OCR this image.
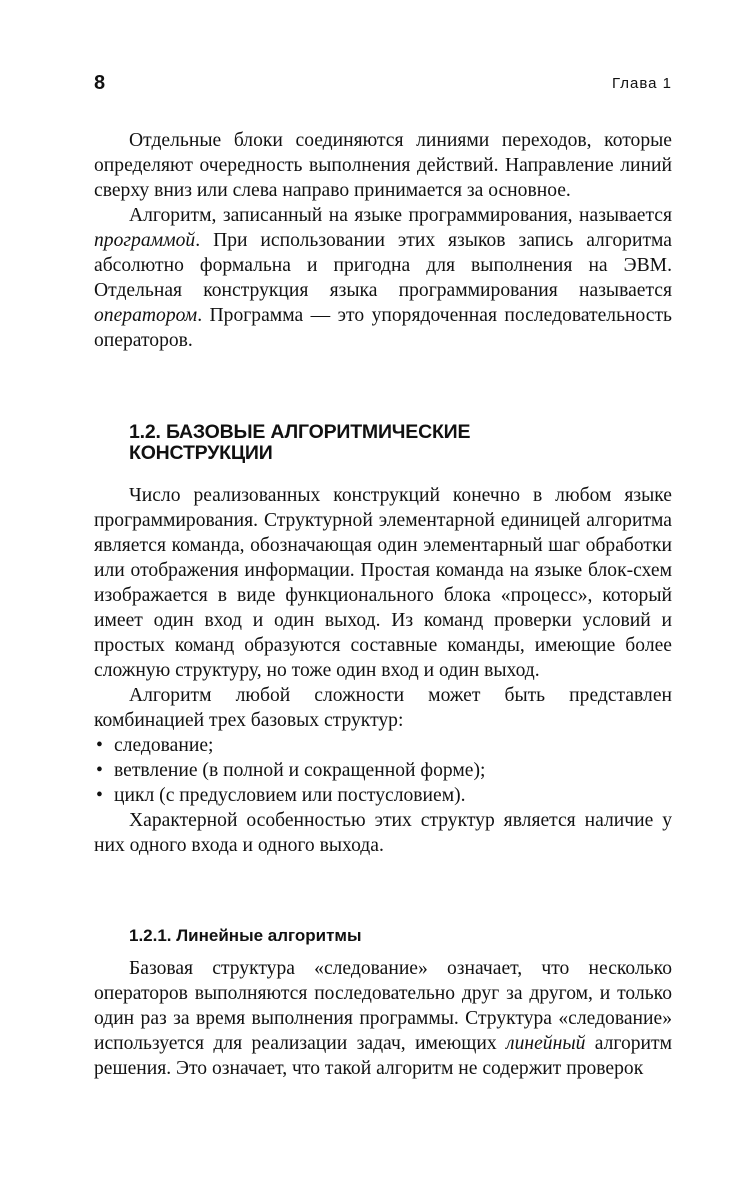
8	Глава 1

Отдельные блоки соединяются линиями переходов, которые определяют очередность выполнения действий. Направление линий сверху вниз или слева направо принимается за основное.

Алгоритм, записанный на языке программирования, называется программой. При использовании этих языков запись алгоритма абсолютно формальна и пригодна для выполнения на ЭВМ. Отдельная конструкция языка программирования называется оператором. Программа — это упорядоченная последовательность операторов.

1.2. БАЗОВЫЕ АЛГОРИТМИЧЕСКИЕ
КОНСТРУКЦИИ

Число реализованных конструкций конечно в любом языке программирования. Структурной элементарной единицей алгоритма является команда, обозначающая один элементарный шаг обработки или отображения информации. Простая команда на языке блок-схем изображается в виде функционального блока «процесс», который имеет один вход и один выход. Из команд проверки условий и простых команд образуются составные команды, имеющие более сложную структуру, но тоже один вход и один выход.

Алгоритм любой сложности может быть представлен комбинацией трех базовых структур:

• следование;
• ветвление (в полной и сокращенной форме);
• цикл (с предусловием или постусловием).

Характерной особенностью этих структур является наличие у них одного входа и одного выхода.

1.2.1. Линейные алгоритмы

Базовая структура «следование» означает, что несколько операторов выполняются последовательно друг за другом, и только один раз за время выполнения программы. Структура «следование» используется для реализации задач, имеющих линейный алгоритм решения. Это означает, что такой алгоритм не содержит проверок
